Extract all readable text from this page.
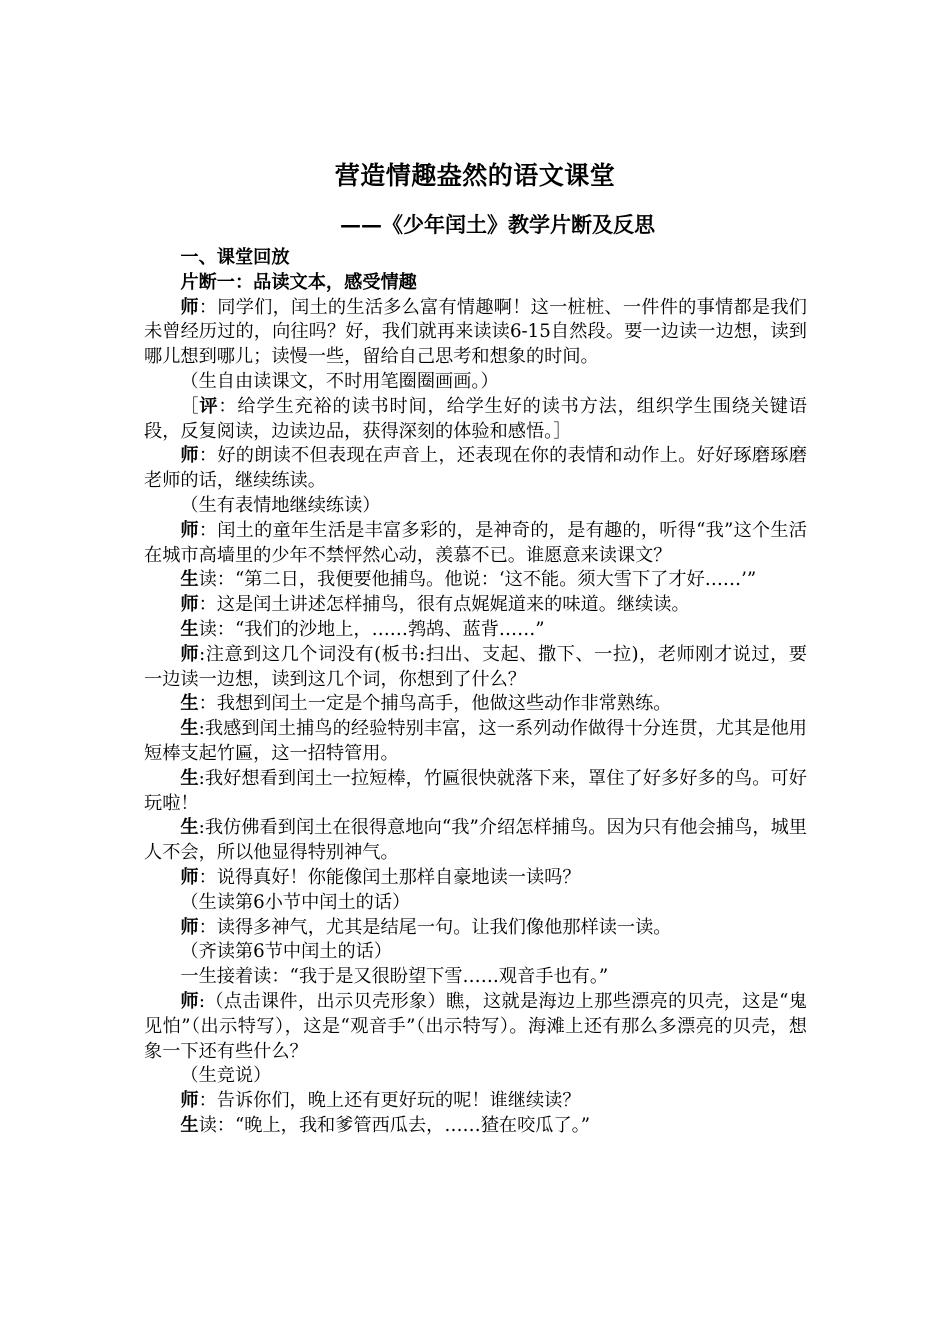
营造情趣盎然的语文课堂
——《少年闰土》教学片断及反思

一、课堂回放

片断一：品读文本，感受情趣

师：同学们，闰土的生活多么富有情趣啊！这一桩桩、一件件的事情都是我们未曾经历过的，向往吗？好，我们就再来读读6-15自然段。要一边读一边想，读到哪儿想到哪儿；读慢一些，留给自己思考和想象的时间。

（生自由读课文，不时用笔圈圈画画。）

［评：给学生充裕的读书时间，给学生好的读书方法，组织学生围绕关键语段，反复阅读，边读边品，获得深刻的体验和感悟。］

师：好的朗读不但表现在声音上，还表现在你的表情和动作上。好好琢磨琢磨老师的话，继续练读。

（生有表情地继续练读）

师：闰土的童年生活是丰富多彩的，是神奇的，是有趣的，听得“我”这个生活在城市高墙里的少年不禁怦然心动，羡慕不已。谁愿意来读课文？

生读：“第二日，我便要他捕鸟。他说：‘这不能。须大雪下了才好……’”

师：这是闰土讲述怎样捕鸟，很有点娓娓道来的味道。继续读。

生读：“我们的沙地上，……鹁鸪、蓝背……”

师:注意到这几个词没有(板书:扫出、支起、撒下、一拉)，老师刚才说过，要一边读一边想，读到这几个词，你想到了什么？

生：我想到闰土一定是个捕鸟高手，他做这些动作非常熟练。

生:我感到闰土捕鸟的经验特别丰富，这一系列动作做得十分连贯，尤其是他用短棒支起竹匾，这一招特管用。

生:我好想看到闰土一拉短棒，竹匾很快就落下来，罩住了好多好多的鸟。可好玩啦！

生:我仿佛看到闰土在很得意地向“我”介绍怎样捕鸟。因为只有他会捕鸟，城里人不会，所以他显得特别神气。

师：说得真好！你能像闰土那样自豪地读一读吗？

（生读第6小节中闰土的话）

师：读得多神气，尤其是结尾一句。让我们像他那样读一读。

（齐读第6节中闰土的话）

一生接着读：“我于是又很盼望下雪……观音手也有。”

师:（点击课件，出示贝壳形象）瞧，这就是海边上那些漂亮的贝壳，这是“鬼见怕”（出示特写），这是“观音手”（出示特写）。海滩上还有那么多漂亮的贝壳，想象一下还有些什么？

（生竞说）

师：告诉你们，晚上还有更好玩的呢！谁继续读？

生读：“晚上，我和爹管西瓜去，……猹在咬瓜了。”
